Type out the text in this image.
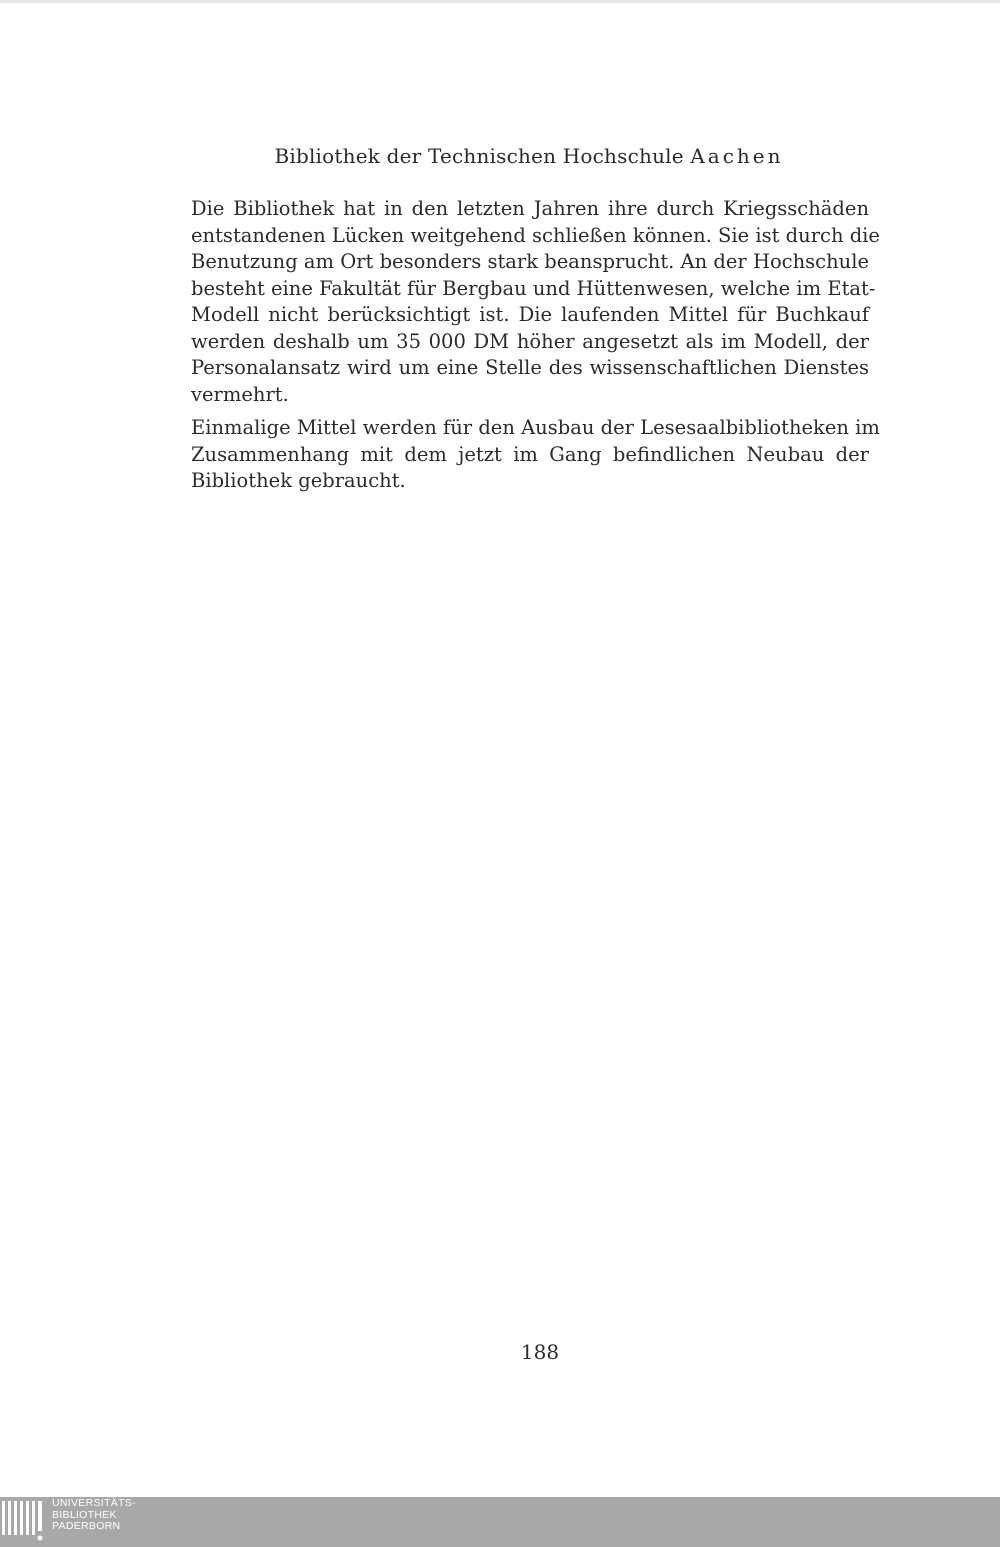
Bibliothek der Technischen Hochschule Aachen

Die Bibliothek hat in den letzten Jahren ihre durch Kriegsschäden
entstandenen Lücken weitgehend schließen können. Sie ist durch die
Benutzung am Ort besonders stark beansprucht. An der Hochschule
besteht eine Fakultät für Bergbau und Hüttenwesen, welche im Etat-
Modell nicht berücksichtigt ist. Die laufenden Mittel für Buchkauf
werden deshalb um 35 000 DM höher angesetzt als im Modell, der
Personalansatz wird um eine Stelle des wissenschaftlichen Dienstes
vermehrt.

Einmalige Mittel werden für den Ausbau der Lesesaalbibliotheken im
Zusammenhang mit dem jetzt im Gang befindlichen Neubau der
Bibliothek gebraucht.

188
UNIVERSITÄTS-
BIBLIOTHEK
PADERBORN
